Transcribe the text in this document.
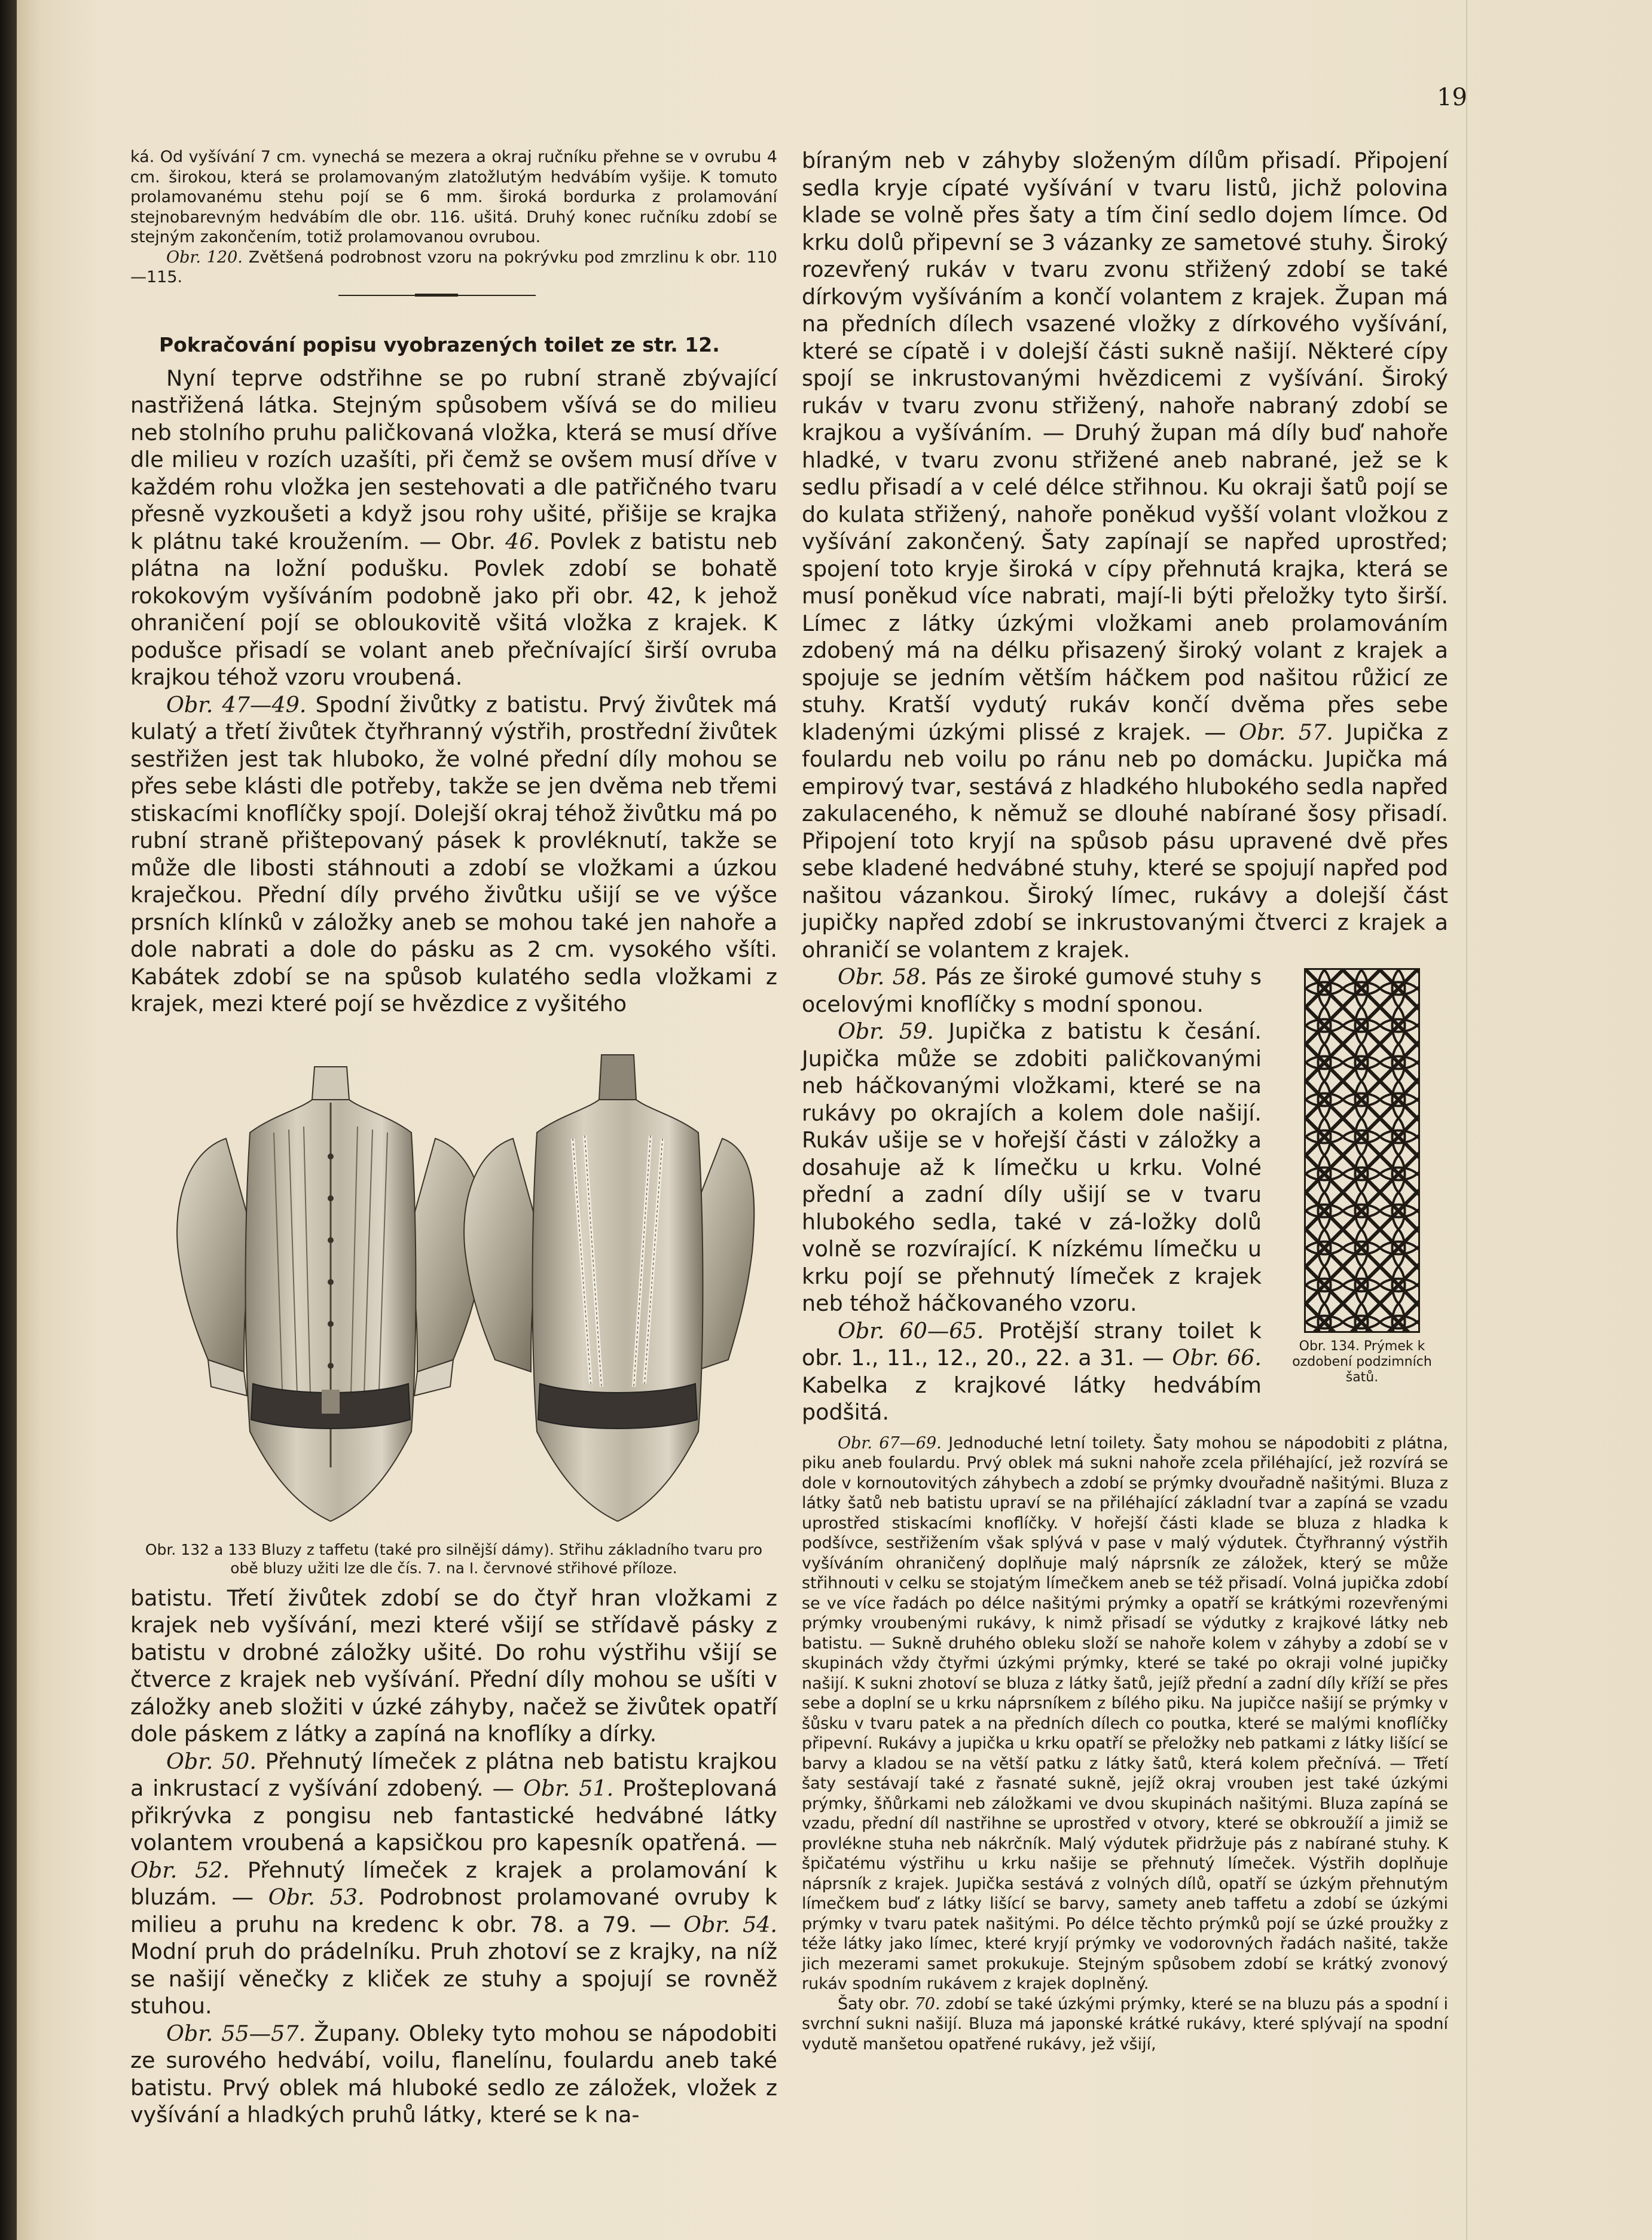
19

ká. Od vyšívání 7 cm. vynechá se mezera a okraj ručníku přehne se v ovrubu 4 cm. širokou, která se prolamovaným zlatožlutým hedvábím vyšije. K tomuto prolamovanému stehu pojí se 6 mm. široká bordurka z prolamování stejnobarevným hedvábím dle obr. 116. ušitá. Druhý konec ručníku zdobí se stejným zakončením, totiž prolamovanou ovrubou.

Obr. 120. Zvětšená podrobnost vzoru na pokrývku pod zmrzlinu k obr. 110—115.

Pokračování popisu vyobrazených toilet ze str. 12.

Nyní teprve odstřihne se po rubní straně zbývající nastřižená látka. Stejným spůsobem všívá se do milieu neb stolního pruhu paličkovaná vložka, která se musí dříve dle milieu v rozích uzašíti, při čemž se ovšem musí dříve v každém rohu vložka jen sestehovati a dle patřičného tvaru přesně vyzkoušeti a když jsou rohy ušité, přišije se krajka k plátnu také kroužením. — Obr. 46. Povlek z batistu neb plátna na ložní podušku. Povlek zdobí se bohatě rokokovým vyšíváním podobně jako při obr. 42, k jehož ohraničení pojí se obloukovitě všitá vložka z krajek. K podušce přisadí se volant aneb přečnívající širší ovruba krajkou téhož vzoru vroubená.

Obr. 47—49. Spodní živůtky z batistu. Prvý živůtek má kulatý a třetí živůtek čtyřhranný výstřih, prostřední živůtek sestřižen jest tak hluboko, že volné přední díly mohou se přes sebe klásti dle potřeby, takže se jen dvěma neb třemi stiskacími knoflíčky spojí. Dolejší okraj téhož živůtku má po rubní straně přištepovaný pásek k provléknutí, takže se může dle libosti stáhnouti a zdobí se vložkami a úzkou kraječkou. Přední díly prvého živůtku ušijí se ve výšce prsních klínků v záložky aneb se mohou také jen nahoře a dole nabrati a dole do pásku as 2 cm. vysokého všíti. Kabátek zdobí se na spůsob kulatého sedla vložkami z krajek, mezi které pojí se hvězdice z vyšitého

Obr. 132 a 133 Bluzy z taffetu (také pro silnější dámy). Střihu základního tvaru pro obě bluzy užiti lze dle čís. 7. na I. červnové střihové příloze.

batistu. Třetí živůtek zdobí se do čtyř hran vložkami z krajek neb vyšívání, mezi které všijí se střídavě pásky z batistu v drobné záložky ušité. Do rohu výstřihu všijí se čtverce z krajek neb vyšívání. Přední díly mohou se ušíti v záložky aneb složiti v úzké záhyby, načež se živůtek opatří dole páskem z látky a zapíná na knoflíky a dírky.

Obr. 50. Přehnutý límeček z plátna neb batistu krajkou a inkrustací z vyšívání zdobený. — Obr. 51. Prošteplovaná přikrývka z pongisu neb fantastické hedvábné látky volantem vroubená a kapsičkou pro kapesník opatřená. — Obr. 52. Přehnutý límeček z krajek a prolamování k bluzám. — Obr. 53. Podrobnost prolamované ovruby k milieu a pruhu na kredenc k obr. 78. a 79. — Obr. 54. Modní pruh do prádelníku. Pruh zhotoví se z krajky, na níž se našijí věnečky z kliček ze stuhy a spojují se rovněž stuhou.

Obr. 55—57. Župany. Obleky tyto mohou se nápodobiti ze surového hedvábí, voilu, flanelínu, foulardu aneb také batistu. Prvý oblek má hluboké sedlo ze záložek, vložek z vyšívání a hladkých pruhů látky, které se k na-

bíraným neb v záhyby složeným dílům přisadí. Připojení sedla kryje cípaté vyšívání v tvaru listů, jichž polovina klade se volně přes šaty a tím činí sedlo dojem límce. Od krku dolů připevní se 3 vázanky ze sametové stuhy. Široký rozevřený rukáv v tvaru zvonu střižený zdobí se také dírkovým vyšíváním a končí volantem z krajek. Župan má na předních dílech vsazené vložky z dírkového vyšívání, které se cípatě i v dolejší části sukně našijí. Některé cípy spojí se inkrustovanými hvězdicemi z vyšívání. Široký rukáv v tvaru zvonu střižený, nahoře nabraný zdobí se krajkou a vyšíváním. — Druhý župan má díly buď nahoře hladké, v tvaru zvonu střižené aneb nabrané, jež se k sedlu přisadí a v celé délce střihnou. Ku okraji šatů pojí se do kulata střižený, nahoře poněkud vyšší volant vložkou z vyšívání zakončený. Šaty zapínají se napřed uprostřed; spojení toto kryje široká v cípy přehnutá krajka, která se musí poněkud více nabrati, mají-li býti přeložky tyto širší. Límec z látky úzkými vložkami aneb prolamováním zdobený má na délku přisazený široký volant z krajek a spojuje se jedním větším háčkem pod našitou růžicí ze stuhy. Kratší vydutý rukáv končí dvěma přes sebe kladenými úzkými plissé z krajek. — Obr. 57. Jupička z foulardu neb voilu po ránu neb po domácku. Jupička má empirový tvar, sestává z hladkého hlubokého sedla napřed zakulaceného, k němuž se dlouhé nabírané šosy přisadí. Připojení toto kryjí na spůsob pásu upravené dvě přes sebe kladené hedvábné stuhy, které se spojují napřed pod našitou vázankou. Široký límec, rukávy a dolejší část jupičky napřed zdobí se inkrustovanými čtverci z krajek a ohraničí se volantem z krajek.

Obr. 134. Prýmek k ozdobení podzimních šatů.

Obr. 58. Pás ze široké gumové stuhy s ocelovými knoflíčky s modní sponou.

Obr. 59. Jupička z batistu k česání. Jupička může se zdobiti paličkovanými neb háčkovanými vložkami, které se na rukávy po okrajích a kolem dole našijí. Rukáv ušije se v hořejší části v záložky a dosahuje až k límečku u krku. Volné přední a zadní díly ušijí se v tvaru hlubokého sedla, také v zá-ložky dolů volně se rozvírající. K nízkému límečku u krku pojí se přehnutý límeček z krajek neb téhož háčkovaného vzoru.

Obr. 60—65. Protější strany toilet k obr. 1., 11., 12., 20., 22. a 31. — Obr. 66. Kabelka z krajkové látky hedvábím podšitá.

Obr. 67—69. Jednoduché letní toilety. Šaty mohou se nápodobiti z plátna, piku aneb foulardu. Prvý oblek má sukni nahoře zcela přiléhající, jež rozvírá se dole v kornoutovitých záhybech a zdobí se prýmky dvouřadně našitými. Bluza z látky šatů neb batistu upraví se na přiléhající základní tvar a zapíná se vzadu uprostřed stiskacími knoflíčky. V hořejší části klade se bluza z hladka k podšívce, sestřižením však splývá v pase v malý výdutek. Čtyřhranný výstřih vyšíváním ohraničený doplňuje malý náprsník ze záložek, který se může střihnouti v celku se stojatým límečkem aneb se též přisadí. Volná jupička zdobí se ve více řadách po délce našitými prýmky a opatří se krátkými rozevřenými prýmky vroubenými rukávy, k nimž přisadí se výdutky z krajkové látky neb batistu. — Sukně druhého obleku složí se nahoře kolem v záhyby a zdobí se v skupinách vždy čtyřmi úzkými prýmky, které se také po okraji volné jupičky našijí. K sukni zhotoví se bluza z látky šatů, jejíž přední a zadní díly kříží se přes sebe a doplní se u krku náprsníkem z bílého piku. Na jupičce našijí se prýmky v šůsku v tvaru patek a na předních dílech co poutka, které se malými knoflíčky připevní. Rukávy a jupička u krku opatří se přeložky neb patkami z látky lišící se barvy a kladou se na větší patku z látky šatů, která kolem přečnívá. — Třetí šaty sestávají také z řasnaté sukně, jejíž okraj vrouben jest také úzkými prýmky, šňůrkami neb záložkami ve dvou skupinách našitými. Bluza zapíná se vzadu, přední díl nastřihne se uprostřed v otvory, které se obkroužíí a jimiž se provlékne stuha neb nákrčník. Malý výdutek přidržuje pás z nabírané stuhy. K špičatému výstřihu u krku našije se přehnutý límeček. Výstřih doplňuje náprsník z krajek. Jupička sestává z volných dílů, opatří se úzkým přehnutým límečkem buď z látky lišící se barvy, samety aneb taffetu a zdobí se úzkými prýmky v tvaru patek našitými. Po délce těchto prýmků pojí se úzké proužky z téže látky jako límec, které kryjí prýmky ve vodorovných řadách našité, takže jich mezerami samet prokukuje. Stejným spůsobem zdobí se krátký zvonový rukáv spodním rukávem z krajek doplněný.

Šaty obr. 70. zdobí se také úzkými prýmky, které se na bluzu pás a spodní i svrchní sukni našijí. Bluza má japonské krátké rukávy, které splývají na spodní vydutě manšetou opatřené rukávy, jež všijí,
